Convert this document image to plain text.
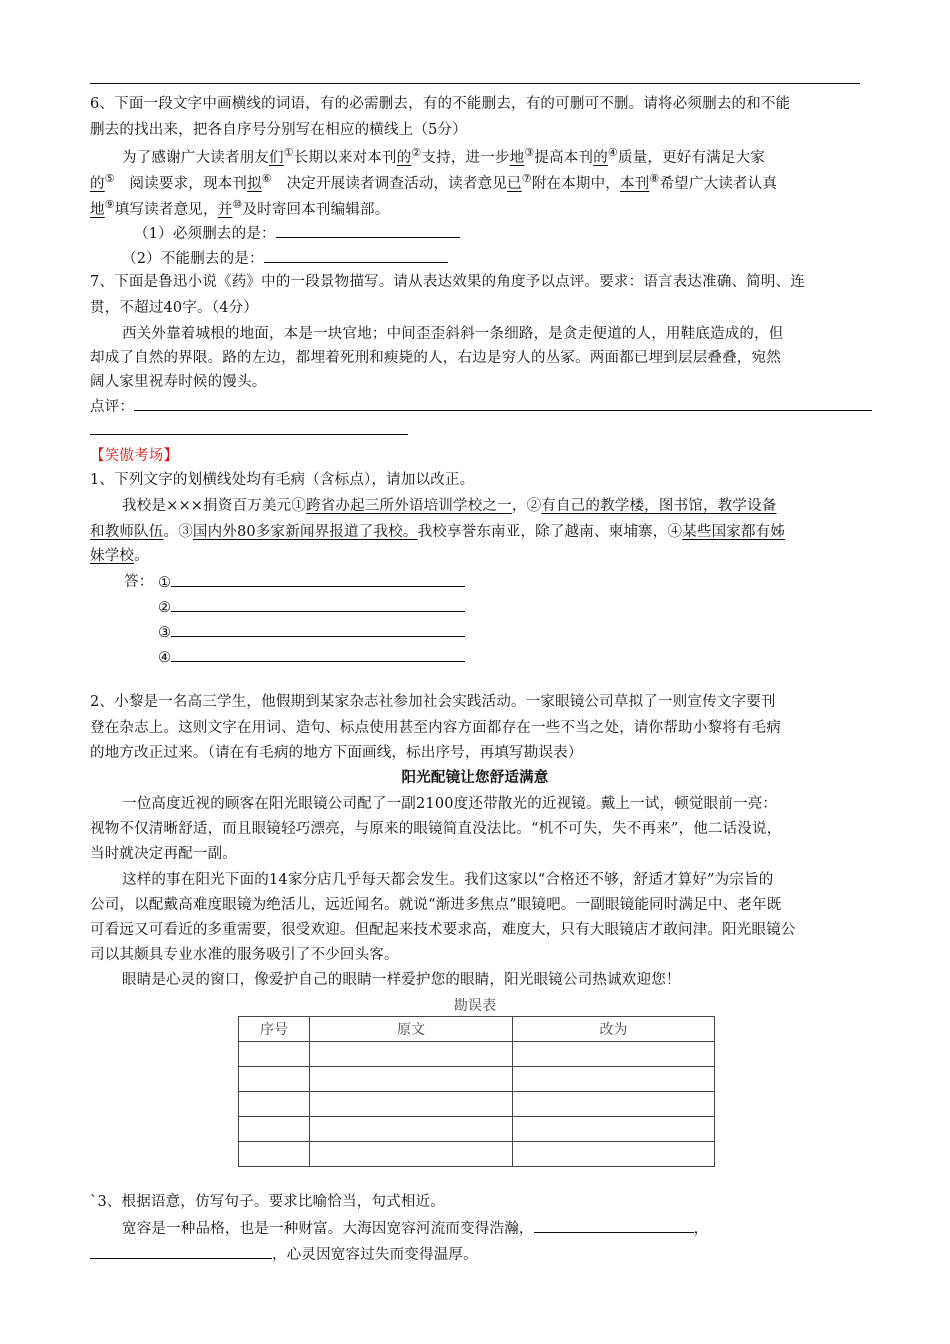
6、下面一段文字中画横线的词语，有的必需删去，有的不能删去，有的可删可不删。请将必须删去的和不能
删去的找出来，把各自序号分别写在相应的横线上（5分）
为了感谢广大读者朋友们①长期以来对本刊的②支持，进一步地③提高本刊的④质量，更好有满足大家
的⑤　阅读要求，现本刊拟⑥　决定开展读者调查活动，读者意见已⑦附在本期中，本刊⑧希望广大读者认真
地⑨填写读者意见，并⑩及时寄回本刊编辑部。
（1）必须删去的是：
（2）不能删去的是：
7、下面是鲁迅小说《药》中的一段景物描写。请从表达效果的角度予以点评。要求：语言表达准确、简明、连
贯，不超过40字。（4分）
西关外靠着城根的地面，本是一块官地；中间歪歪斜斜一条细路，是贪走便道的人，用鞋底造成的，但
却成了自然的界限。路的左边，都埋着死刑和瘐毙的人，右边是穷人的丛冢。两面都已埋到层层叠叠，宛然
阔人家里祝寿时候的馒头。
点评：
【笑傲考场】
1、下列文字的划横线处均有毛病（含标点），请加以改正。
我校是×××捐资百万美元①跨省办起三所外语培训学校之一，②有自己的教学楼，图书馆，教学设备
和教师队伍。③国内外80多家新闻界报道了我校。我校享誉东南亚，除了越南、柬埔寨，④某些国家都有姊
妹学校。
答： ①
②
③
④
2、小黎是一名高三学生，他假期到某家杂志社参加社会实践活动。一家眼镜公司草拟了一则宣传文字要刊
登在杂志上。这则文字在用词、造句、标点使用甚至内容方面都存在一些不当之处，请你帮助小黎将有毛病
的地方改正过来。（请在有毛病的地方下面画线，标出序号，再填写勘误表）
阳光配镜让您舒适满意
一位高度近视的顾客在阳光眼镜公司配了一副2100度还带散光的近视镜。戴上一试，顿觉眼前一亮：
视物不仅清晰舒适，而且眼镜轻巧漂亮，与原来的眼镜简直没法比。“机不可失，失不再来”，他二话没说，
当时就决定再配一副。
这样的事在阳光下面的14家分店几乎每天都会发生。我们这家以“合格还不够，舒适才算好”为宗旨的
公司，以配戴高难度眼镜为绝活儿，远近闻名。就说“渐进多焦点”眼镜吧。一副眼镜能同时满足中、老年既
可看远又可看近的多重需要，很受欢迎。但配起来技术要求高，难度大，只有大眼镜店才敢问津。阳光眼镜公
司以其颇具专业水准的服务吸引了不少回头客。
眼睛是心灵的窗口，像爱护自己的眼睛一样爱护您的眼睛，阳光眼镜公司热诚欢迎您！
勘误表
序号	原文	改为

`3、根据语意，仿写句子。要求比喻恰当，句式相近。
宽容是一种品格，也是一种财富。大海因宽容河流而变得浩瀚，	，
，心灵因宽容过失而变得温厚。
